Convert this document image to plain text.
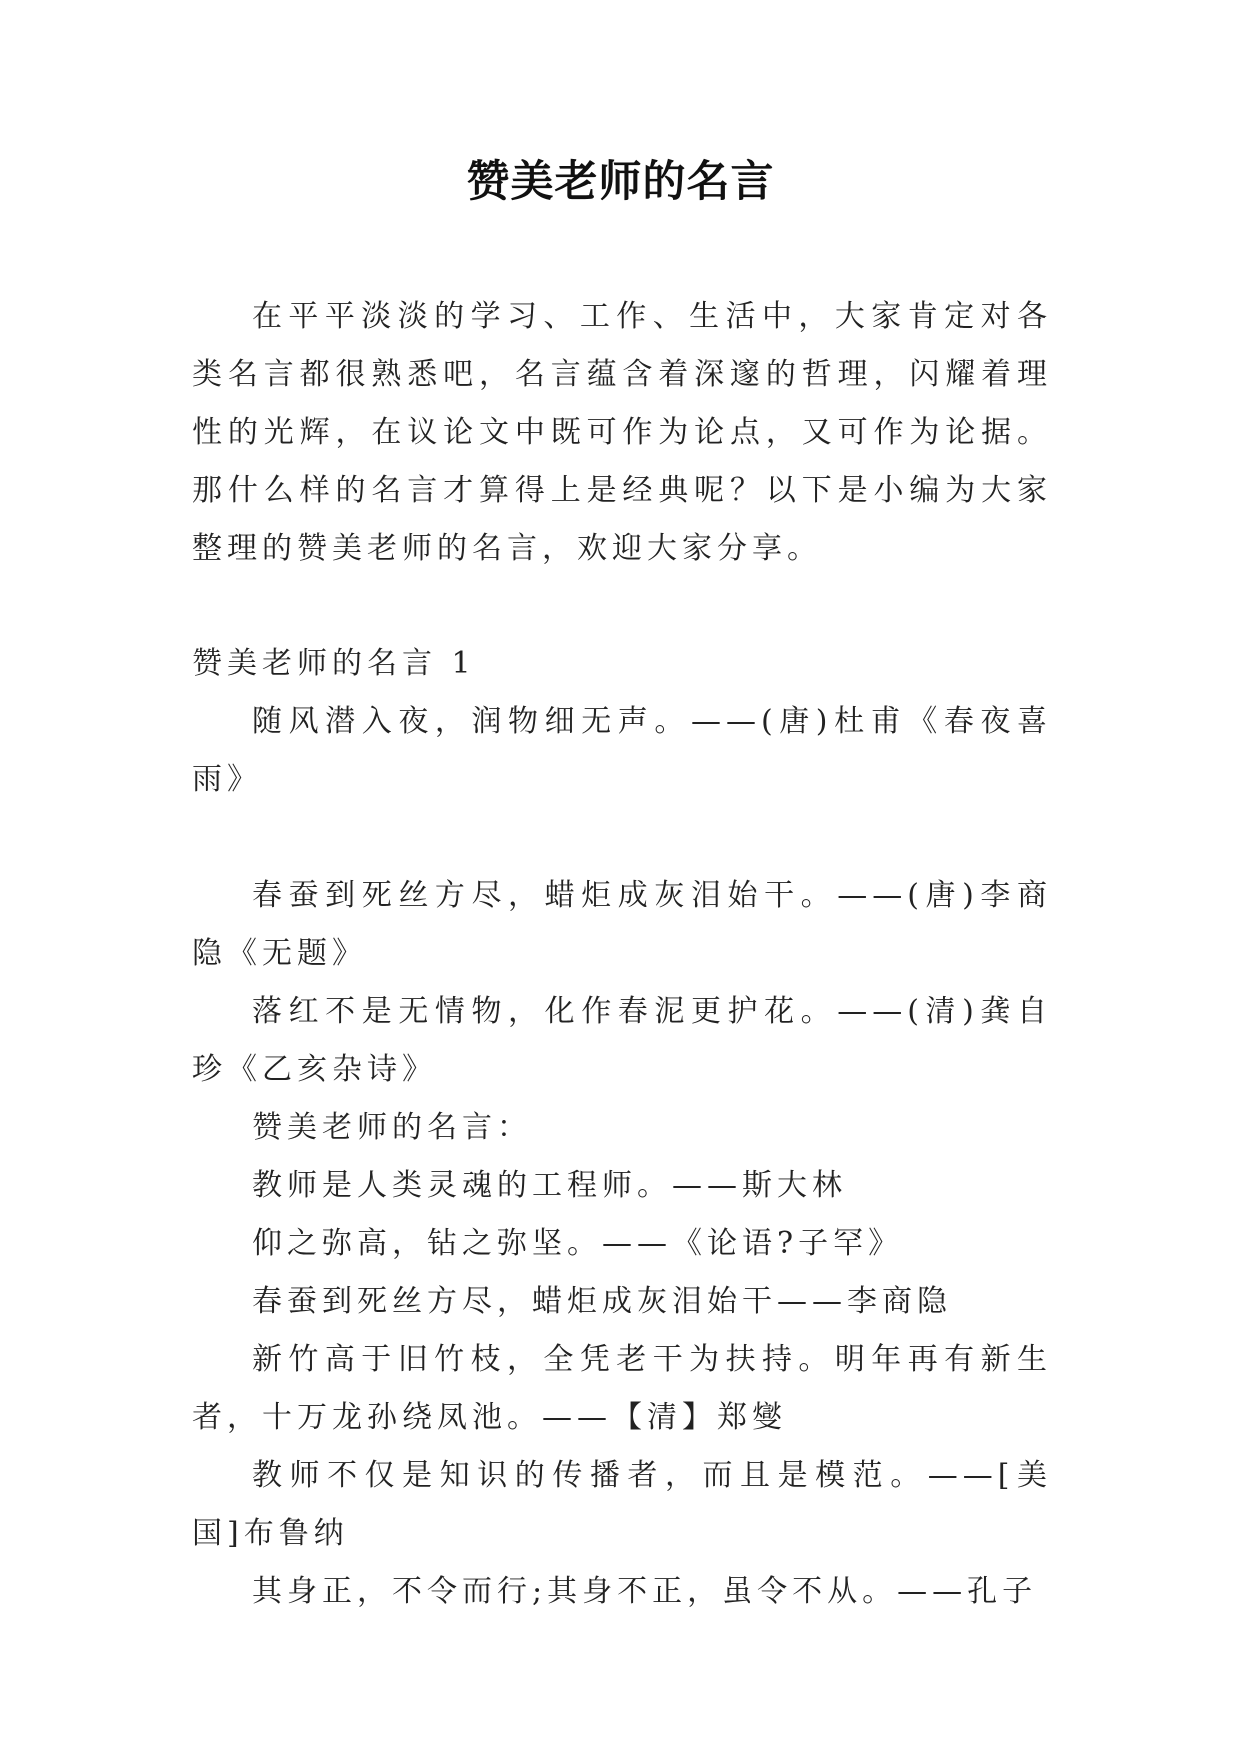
赞美老师的名言

在平平淡淡的学习、工作、生活中，大家肯定对各类名言都很熟悉吧，名言蕴含着深邃的哲理，闪耀着理性的光辉，在议论文中既可作为论点，又可作为论据。那什么样的名言才算得上是经典呢？以下是小编为大家整理的赞美老师的名言，欢迎大家分享。

赞美老师的名言 1

随风潜入夜，润物细无声。——(唐)杜甫《春夜喜雨》

春蚕到死丝方尽，蜡炬成灰泪始干。——(唐)李商隐《无题》

落红不是无情物，化作春泥更护花。——(清)龚自珍《乙亥杂诗》

赞美老师的名言：

教师是人类灵魂的工程师。——斯大林

仰之弥高，钻之弥坚。——《论语?子罕》

春蚕到死丝方尽，蜡炬成灰泪始干——李商隐

新竹高于旧竹枝，全凭老干为扶持。明年再有新生者，十万龙孙绕凤池。——【清】郑燮

教师不仅是知识的传播者，而且是模范。——[美国]布鲁纳

其身正，不令而行;其身不正，虽令不从。——孔子
